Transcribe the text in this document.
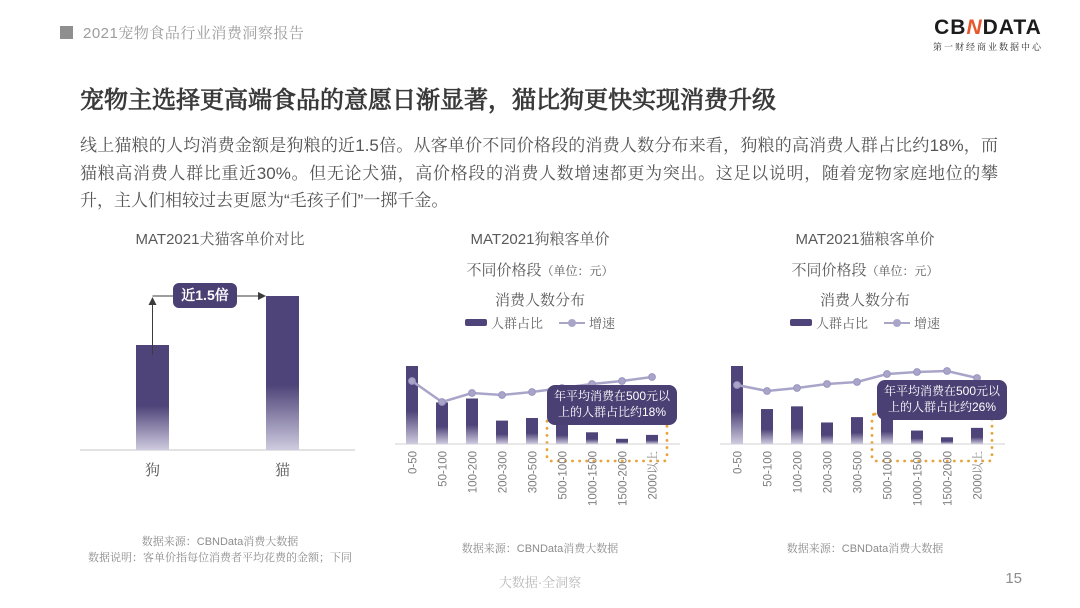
2021宠物食品行业消费洞察报告	CBNDATA
第一财经商业数据中心
宠物主选择更高端食品的意愿日渐显著，猫比狗更快实现消费升级
线上猫粮的人均消费金额是狗粮的近1.5倍。从客单价不同价格段的消费人数分布来看，狗粮的高消费人群占比约18%，而猫粮高消费人群比重近30%。但无论犬猫，高价格段的消费人数增速都更为突出。这足以说明，随着宠物家庭地位的攀升，主人们相较过去更愿为“毛孩子们”一掷千金。
MAT2021犬猫客单价对比
狗	猫
近1.5倍
数据来源：CBNData消费大数据
数据说明：客单价指每位消费者平均花费的金额；下同
MAT2021狗粮客单价
不同价格段（单位：元）
消费人数分布
人群占比	增速
0-50 50-100 100-200 200-300 300-500 500-1000 1000-1500 1500-2000 2000以上
年平均消费在500元以上的人群占比约18%
数据来源：CBNData消费大数据
MAT2021猫粮客单价
不同价格段（单位：元）
消费人数分布
人群占比	增速
0-50 50-100 100-200 200-300 300-500 500-1000 1000-1500 1500-2000 2000以上
年平均消费在500元以上的人群占比约26%
数据来源：CBNData消费大数据
大数据·全洞察	15
